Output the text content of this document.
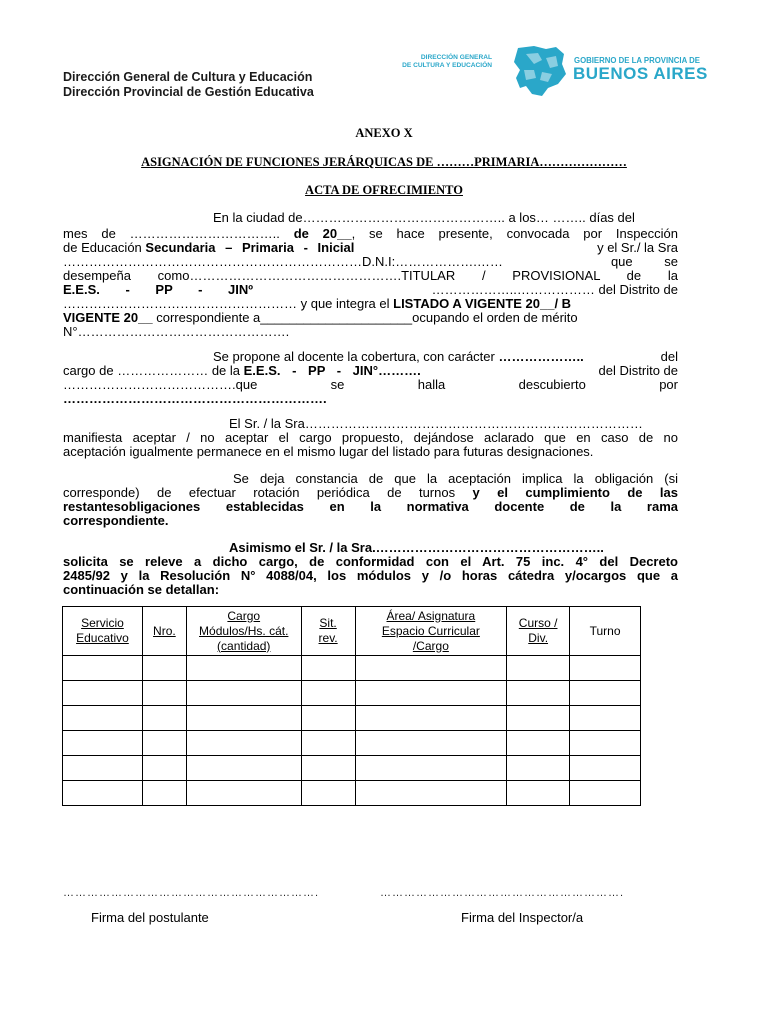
Dirección General de Cultura y Educación
Dirección Provincial de Gestión Educativa
DIRECCIÓN GENERAL
DE CULTURA Y EDUCACIÓN
GOBIERNO DE LA PROVINCIA DE
BUENOS AIRES
ANEXO X
ASIGNACIÓN DE FUNCIONES JERÁRQUICAS DE ………PRIMARIA…………………
ACTA DE OFRECIMIENTO
En la ciudad de……………………………………….. a los… …….. días del
mes de …………………………….. de 20__, se hace presente, convocada por Inspección
de Educación Secundaria – Primaria - Inicial	y el Sr./ la Sra
……………………………………………………………D.N.I:……………….……	que se
desempeña como………………………………………….TITULAR / PROVISIONAL de la
E.E.S. - PP - JINº	………………..……………… del Distrito de
……………………………………………… y que integra el LISTADO A VIGENTE 20__/ B
VIGENTE 20__ correspondiente a_____________________ocupando el orden de mérito
N°………………………………………….
Se propone al docente la cobertura, con carácter ………………..	del
cargo de ………………… de la E.E.S. - PP - JIN°……….	del Distrito de
………………………………….que se halla descubierto por
…………………………………………………….
El Sr. / la Sra……………………………………………………………………
manifiesta aceptar / no aceptar el cargo propuesto, dejándose aclarado que en caso de no
aceptación igualmente permanece en el mismo lugar del listado para futuras designaciones.
Se deja constancia de que la aceptación implica la obligación (si
corresponde) de efectuar rotación periódica de turnos y el cumplimiento de las
restantesobligaciones establecidas en la normativa docente de la rama
correspondiente.
Asimismo el Sr. / la Sra.……………………………………………..
solicita se releve a dicho cargo, de conformidad con el Art. 75 inc. 4° del Decreto
2485/92 y la Resolución N° 4088/04, los módulos y /o horas cátedra y/ocargos que a
continuación se detallan:
Servicio
Educativo	Nro.	Cargo
Módulos/Hs. cát.
(cantidad)	Sit.
rev.	Área/ Asignatura
Espacio Curricular
/Cargo	Curso /
Div.	Turno

……………………………………………………….	…………………………………………………….
Firma del postulante	Firma del Inspector/a
